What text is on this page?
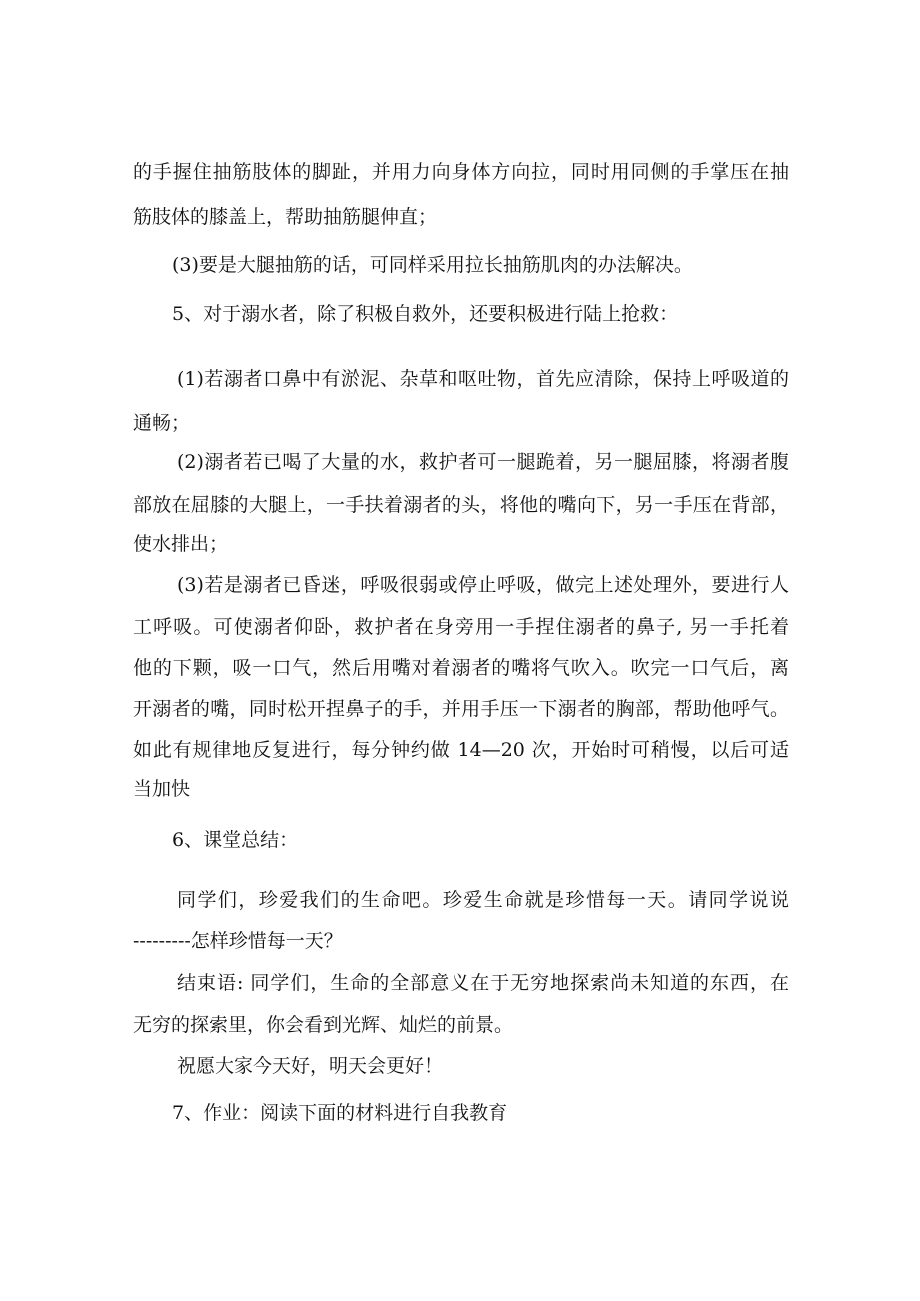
的手握住抽筋肢体的脚趾，并用力向身体方向拉，同时用同侧的手掌压在抽
筋肢体的膝盖上，帮助抽筋腿伸直；
(3)要是大腿抽筋的话，可同样采用拉长抽筋肌肉的办法解决。
5、对于溺水者，除了积极自救外，还要积极进行陆上抢救：
(1)若溺者口鼻中有淤泥、杂草和呕吐物，首先应清除，保持上呼吸道的
通畅；
(2)溺者若已喝了大量的水，救护者可一腿跪着，另一腿屈膝，将溺者腹
部放在屈膝的大腿上，一手扶着溺者的头，将他的嘴向下，另一手压在背部，
使水排出；
(3)若是溺者已昏迷，呼吸很弱或停止呼吸，做完上述处理外，要进行人
工呼吸。可使溺者仰卧，救护者在身旁用一手捏住溺者的鼻子, 另一手托着
他的下颗，吸一口气，然后用嘴对着溺者的嘴将气吹入。吹完一口气后，离
开溺者的嘴，同时松开捏鼻子的手，并用手压一下溺者的胸部，帮助他呼气。
如此有规律地反复进行，每分钟约做 14—20 次，开始时可稍慢，以后可适
当加快
6、课堂总结：
同学们，珍爱我们的生命吧。珍爱生命就是珍惜每一天。请同学说说
---------怎样珍惜每一天？
结束语: 同学们，生命的全部意义在于无穷地探索尚未知道的东西，在
无穷的探索里，你会看到光辉、灿烂的前景。
祝愿大家今天好，明天会更好！
7、作业：阅读下面的材料进行自我教育
